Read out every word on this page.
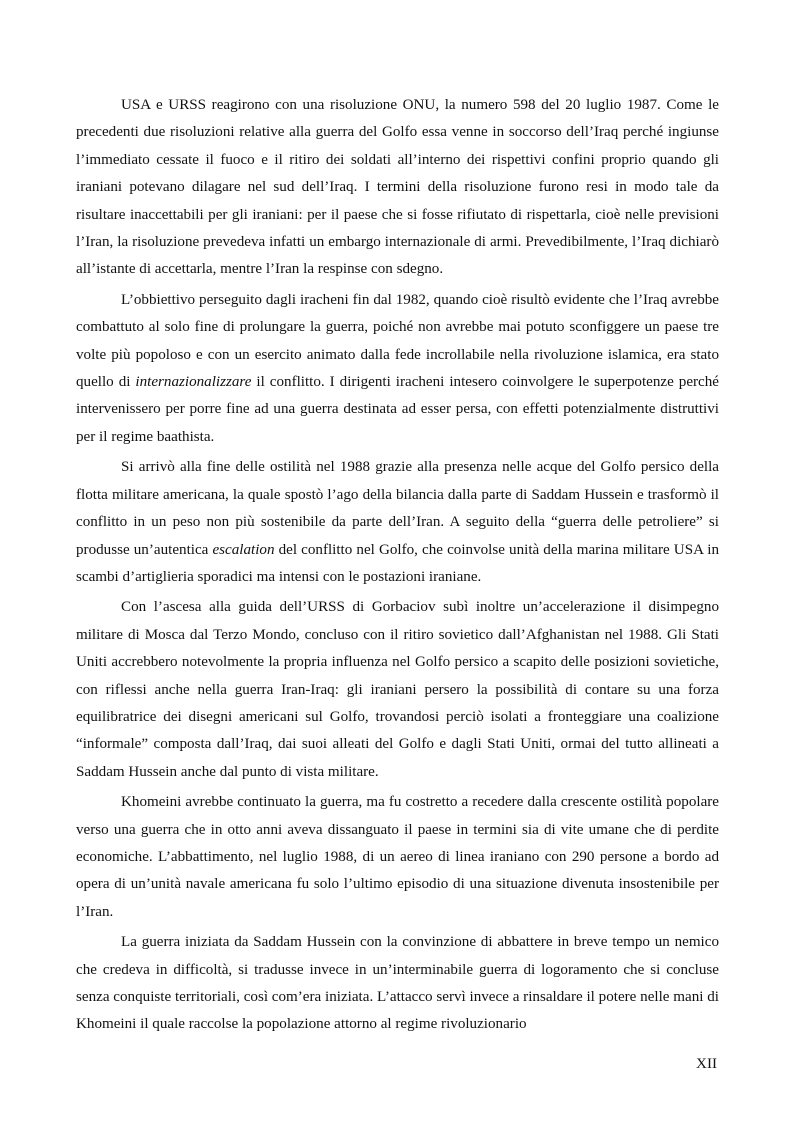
USA e URSS reagirono con una risoluzione ONU, la numero 598 del 20 luglio 1987. Come le precedenti due risoluzioni relative alla guerra del Golfo essa venne in soccorso dell’Iraq perché ingiunse l’immediato cessate il fuoco e il ritiro dei soldati all’interno dei rispettivi confini proprio quando gli iraniani potevano dilagare nel sud dell’Iraq. I termini della risoluzione furono resi in modo tale da risultare inaccettabili per gli iraniani: per il paese che si fosse rifiutato di rispettarla, cioè nelle previsioni l’Iran, la risoluzione prevedeva infatti un embargo internazionale di armi. Prevedibilmente, l’Iraq dichiarò all’istante di accettarla, mentre l’Iran la respinse con sdegno.

L’obbiettivo perseguito dagli iracheni fin dal 1982, quando cioè risultò evidente che l’Iraq avrebbe combattuto al solo fine di prolungare la guerra, poiché non avrebbe mai potuto sconfiggere un paese tre volte più popoloso e con un esercito animato dalla fede incrollabile nella rivoluzione islamica, era stato quello di internazionalizzare il conflitto. I dirigenti iracheni intesero coinvolgere le superpotenze perché intervenissero per porre fine ad una guerra destinata ad esser persa, con effetti potenzialmente distruttivi per il regime baathista.

Si arrivò alla fine delle ostilità nel 1988 grazie alla presenza nelle acque del Golfo persico della flotta militare americana, la quale spostò l’ago della bilancia dalla parte di Saddam Hussein e trasformò il conflitto in un peso non più sostenibile da parte dell’Iran. A seguito della “guerra delle petroliere” si produsse un’autentica escalation del conflitto nel Golfo, che coinvolse unità della marina militare USA in scambi d’artiglieria sporadici ma intensi con le postazioni iraniane.

Con l’ascesa alla guida dell’URSS di Gorbaciov subì inoltre un’accelerazione il disimpegno militare di Mosca dal Terzo Mondo, concluso con il ritiro sovietico dall’Afghanistan nel 1988. Gli Stati Uniti accrebbero notevolmente la propria influenza nel Golfo persico a scapito delle posizioni sovietiche, con riflessi anche nella guerra Iran-Iraq: gli iraniani persero la possibilità di contare su una forza equilibratrice dei disegni americani sul Golfo, trovandosi perciò isolati a fronteggiare una coalizione “informale” composta dall’Iraq, dai suoi alleati del Golfo e dagli Stati Uniti, ormai del tutto allineati a Saddam Hussein anche dal punto di vista militare.

Khomeini avrebbe continuato la guerra, ma fu costretto a recedere dalla crescente ostilità popolare verso una guerra che in otto anni aveva dissanguato il paese in termini sia di vite umane che di perdite economiche. L’abbattimento, nel luglio 1988, di un aereo di linea iraniano con 290 persone a bordo ad opera di un’unità navale americana fu solo l’ultimo episodio di una situazione divenuta insostenibile per l’Iran.

La guerra iniziata da Saddam Hussein con la convinzione di abbattere in breve tempo un nemico che credeva in difficoltà, si tradusse invece in un’interminabile guerra di logoramento che si concluse senza conquiste territoriali, così com’era iniziata. L’attacco servì invece a rinsaldare il potere nelle mani di Khomeini il quale raccolse la popolazione attorno al regime rivoluzionario

XII
